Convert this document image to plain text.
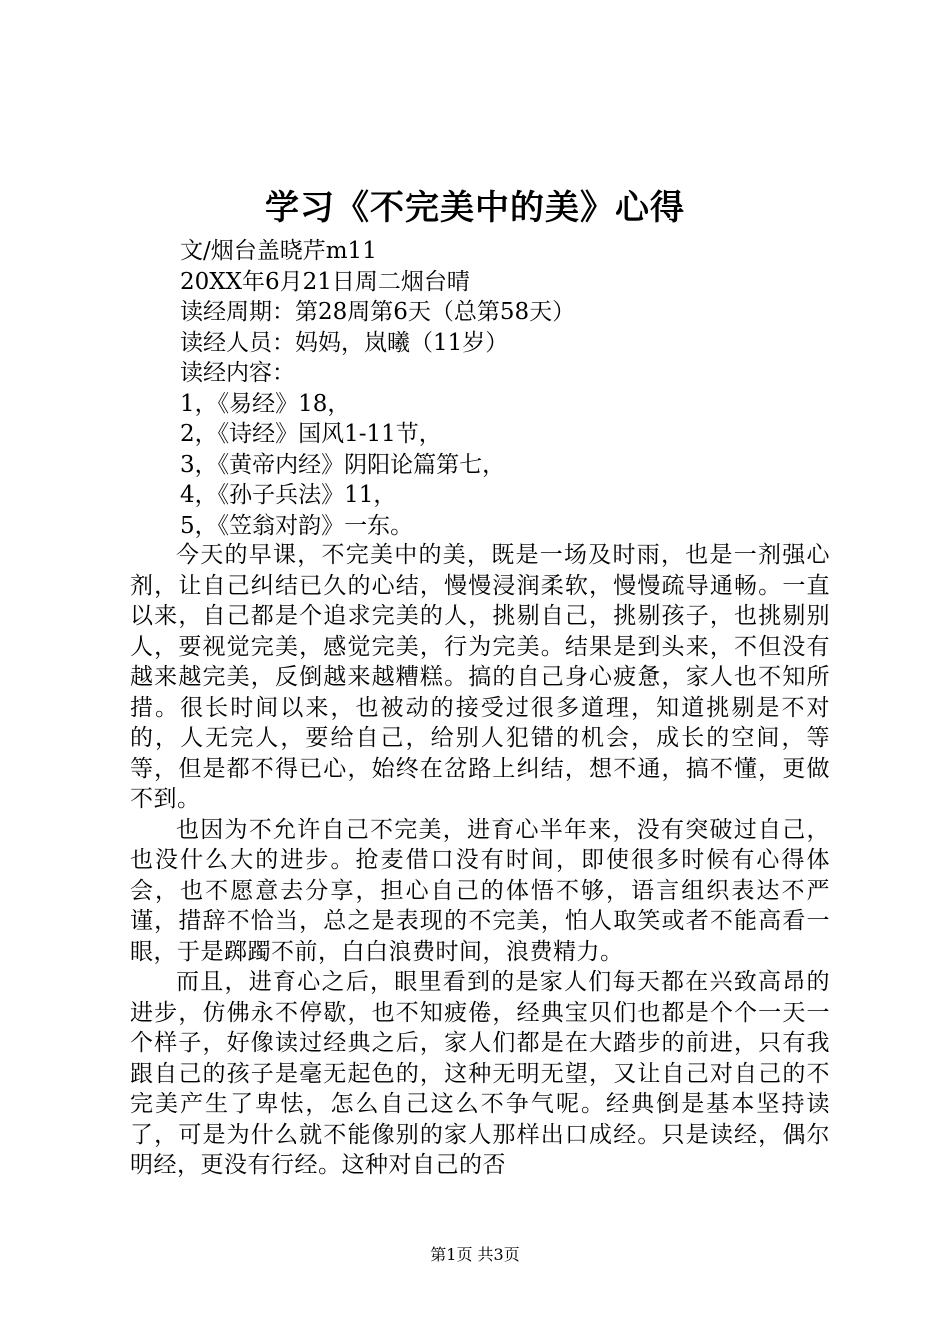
学习《不完美中的美》心得
文/烟台盖晓芹m11
20XX年6月21日周二烟台晴
读经周期：第28周第6天（总第58天）
读经人员：妈妈，岚曦（11岁）
读经内容：
1，《易经》18，
2，《诗经》国风1-11节，
3，《黄帝内经》阴阳论篇第七，
4，《孙子兵法》11，
5，《笠翁对韵》一东。

今天的早课，不完美中的美，既是一场及时雨，也是一剂强心剂，让自己纠结已久的心结，慢慢浸润柔软，慢慢疏导通畅。一直以来，自己都是个追求完美的人，挑剔自己，挑剔孩子，也挑剔别人，要视觉完美，感觉完美，行为完美。结果是到头来，不但没有越来越完美，反倒越来越糟糕。搞的自己身心疲惫，家人也不知所措。很长时间以来，也被动的接受过很多道理，知道挑剔是不对的，人无完人，要给自己，给别人犯错的机会，成长的空间，等等，但是都不得已心，始终在岔路上纠结，想不通，搞不懂，更做不到。

也因为不允许自己不完美，进育心半年来，没有突破过自己，也没什么大的进步。抢麦借口没有时间，即使很多时候有心得体会，也不愿意去分享，担心自己的体悟不够，语言组织表达不严谨，措辞不恰当，总之是表现的不完美，怕人取笑或者不能高看一眼，于是踯躅不前，白白浪费时间，浪费精力。

而且，进育心之后，眼里看到的是家人们每天都在兴致高昂的进步，仿佛永不停歇，也不知疲倦，经典宝贝们也都是个个一天一个样子，好像读过经典之后，家人们都是在大踏步的前进，只有我跟自己的孩子是毫无起色的，这种无明无望，又让自己对自己的不完美产生了卑怯，怎么自己这么不争气呢。经典倒是基本坚持读了，可是为什么就不能像别的家人那样出口成经。只是读经，偶尔明经，更没有行经。这种对自己的否

第1页 共3页
